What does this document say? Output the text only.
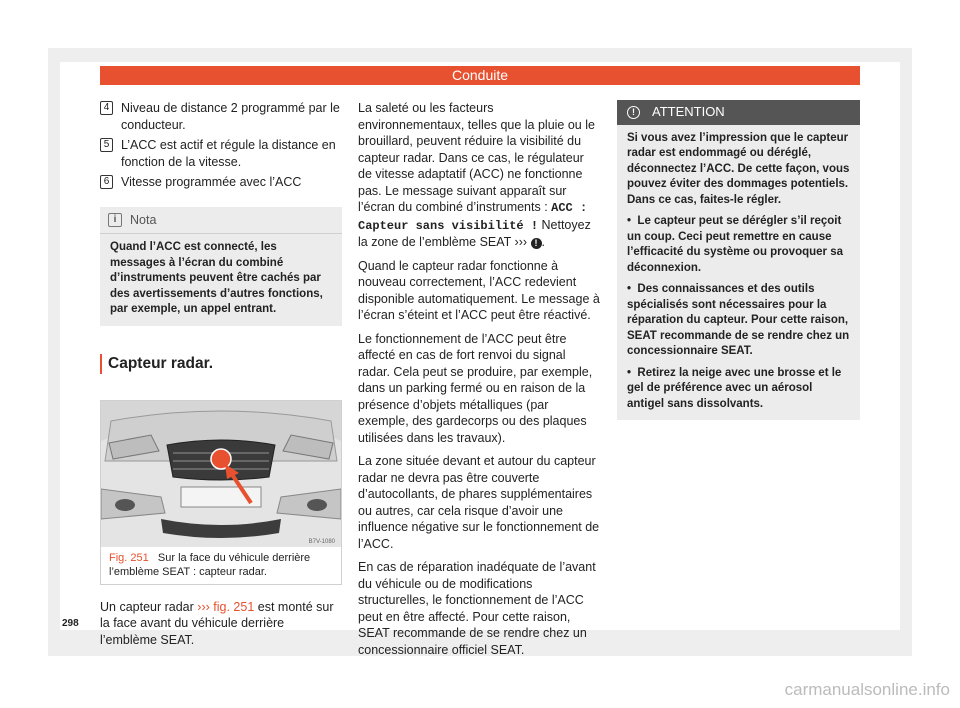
Conduite
4 Niveau de distance 2 programmé par le conducteur.
5 L’ACC est actif et régule la distance en fonction de la vitesse.
6 Vitesse programmée avec l’ACC
i	Nota
Quand l’ACC est connecté, les messages à l’écran du combiné d’instruments peuvent être cachés par des avertissements d’autres fonctions, par exemple, un appel entrant.
Capteur radar.
B7V-1080
Fig. 251 Sur la face du véhicule derrière l’emblème SEAT : capteur radar.
Un capteur radar ››› fig. 251 est monté sur la face avant du véhicule derrière l’emblème SEAT.

La saleté ou les facteurs environnementaux, telles que la pluie ou le brouillard, peuvent réduire la visibilité du capteur radar. Dans ce cas, le régulateur de vitesse adaptatif (ACC) ne fonctionne pas. Le message suivant apparaît sur l’écran du combiné d’instruments : ACC : Capteur sans visibilité ! Nettoyez la zone de l’emblème SEAT ››› ! .

Quand le capteur radar fonctionne à nouveau correctement, l’ACC redevient disponible automatiquement. Le message à l’écran s’éteint et l’ACC peut être réactivé.

Le fonctionnement de l’ACC peut être affecté en cas de fort renvoi du signal radar. Cela peut se produire, par exemple, dans un parking fermé ou en raison de la présence d’objets métalliques (par exemple, des gardecorps ou des plaques utilisées dans les travaux).

La zone située devant et autour du capteur radar ne devra pas être couverte d’autocollants, de phares supplémentaires ou autres, car cela risque d’avoir une influence négative sur le fonctionnement de l’ACC.

En cas de réparation inadéquate de l’avant du véhicule ou de modifications structurelles, le fonctionnement de l’ACC peut en être affecté. Pour cette raison, SEAT recommande de se rendre chez un concessionnaire officiel SEAT.

!	ATTENTION

Si vous avez l’impression que le capteur radar est endommagé ou déréglé, déconnectez l’ACC. De cette façon, vous pouvez éviter des dommages potentiels. Dans ce cas, faites-le régler.

• Le capteur peut se dérégler s’il reçoit un coup. Ceci peut remettre en cause l’efficacité du système ou provoquer sa déconnexion.

• Des connaissances et des outils spécialisés sont nécessaires pour la réparation du capteur. Pour cette raison, SEAT recommande de se rendre chez un concessionnaire SEAT.

• Retirez la neige avec une brosse et le gel de préférence avec un aérosol antigel sans dissolvants.

298
carmanualsonline.info
